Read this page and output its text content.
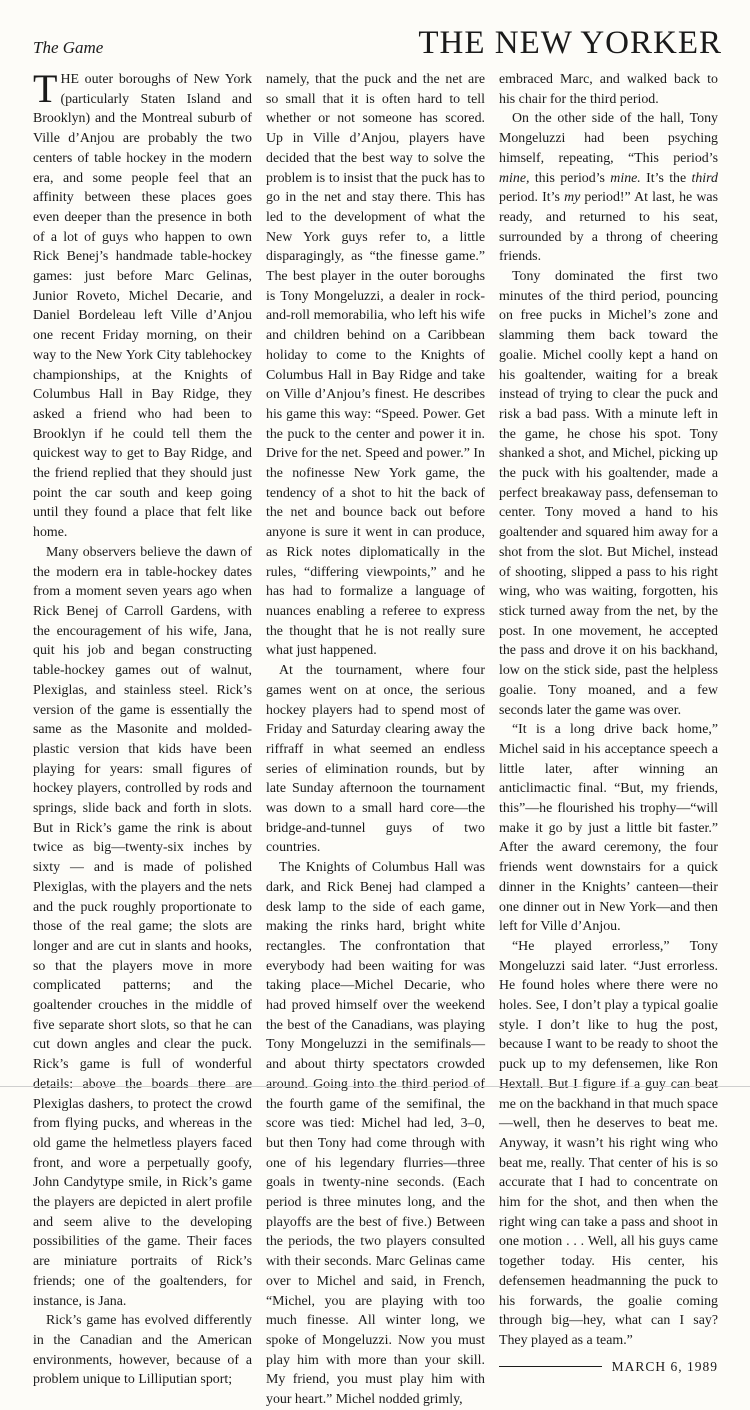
The Game	THE NEW YORKER

THE outer boroughs of New York (particularly Staten Island and Brooklyn) and the Montreal suburb of Ville d’Anjou are probably the two centers of table hockey in the modern era, and some people feel that an affinity between these places goes even deeper than the presence in both of a lot of guys who happen to own Rick Benej’s handmade table-hockey games: just before Marc Gelinas, Junior Roveto, Michel Decarie, and Daniel Bordeleau left Ville d’Anjou one recent Friday morning, on their way to the New York City tablehockey championships, at the Knights of Columbus Hall in Bay Ridge, they asked a friend who had been to Brooklyn if he could tell them the quickest way to get to Bay Ridge, and the friend replied that they should just point the car south and keep going until they found a place that felt like home.

Many observers believe the dawn of the modern era in table-hockey dates from a moment seven years ago when Rick Benej of Carroll Gardens, with the encouragement of his wife, Jana, quit his job and began constructing table-hockey games out of walnut, Plexiglas, and stainless steel. Rick’s version of the game is essentially the same as the Masonite and molded-plastic version that kids have been playing for years: small figures of hockey players, controlled by rods and springs, slide back and forth in slots. But in Rick’s game the rink is about twice as big—twenty-six inches by sixty — and is made of polished Plexiglas, with the players and the nets and the puck roughly proportionate to those of the real game; the slots are longer and are cut in slants and hooks, so that the players move in more complicated patterns; and the goaltender crouches in the middle of five separate short slots, so that he can cut down angles and clear the puck. Rick’s game is full of wonderful details: above the boards there are Plexiglas dashers, to protect the crowd from flying pucks, and whereas in the old game the helmetless players faced front, and wore a perpetually goofy, John Candytype smile, in Rick’s game the players are depicted in alert profile and seem alive to the developing possibilities of the game. Their faces are miniature portraits of Rick’s friends; one of the goaltenders, for instance, is Jana.

Rick’s game has evolved differently in the Canadian and the American environments, however, because of a problem unique to Lilliputian sport;

namely, that the puck and the net are so small that it is often hard to tell whether or not someone has scored. Up in Ville d’Anjou, players have decided that the best way to solve the problem is to insist that the puck has to go in the net and stay there. This has led to the development of what the New York guys refer to, a little disparagingly, as “the finesse game.” The best player in the outer boroughs is Tony Mongeluzzi, a dealer in rock-and-roll memorabilia, who left his wife and children behind on a Caribbean holiday to come to the Knights of Columbus Hall in Bay Ridge and take on Ville d’Anjou’s finest. He describes his game this way: “Speed. Power. Get the puck to the center and power it in. Drive for the net. Speed and power.” In the nofinesse New York game, the tendency of a shot to hit the back of the net and bounce back out before anyone is sure it went in can produce, as Rick notes diplomatically in the rules, “differing viewpoints,” and he has had to formalize a language of nuances enabling a referee to express the thought that he is not really sure what just happened.

At the tournament, where four games went on at once, the serious hockey players had to spend most of Friday and Saturday clearing away the riffraff in what seemed an endless series of elimination rounds, but by late Sunday afternoon the tournament was down to a small hard core—the bridge-and-tunnel guys of two countries.

The Knights of Columbus Hall was dark, and Rick Benej had clamped a desk lamp to the side of each game, making the rinks hard, bright white rectangles. The confrontation that everybody had been waiting for was taking place—Michel Decarie, who had proved himself over the weekend the best of the Canadians, was playing Tony Mongeluzzi in the semifinals—and about thirty spectators crowded around. Going into the third period of the fourth game of the semifinal, the score was tied: Michel had led, 3–0, but then Tony had come through with one of his legendary flurries—three goals in twenty-nine seconds. (Each period is three minutes long, and the playoffs are the best of five.) Between the periods, the two players consulted with their seconds. Marc Gelinas came over to Michel and said, in French, “Michel, you are playing with too much finesse. All winter long, we spoke of Mongeluzzi. Now you must play him with more than your skill. My friend, you must play him with your heart.” Michel nodded grimly,

embraced Marc, and walked back to his chair for the third period.

On the other side of the hall, Tony Mongeluzzi had been psyching himself, repeating, “This period’s mine, this period’s mine. It’s the third period. It’s my period!” At last, he was ready, and returned to his seat, surrounded by a throng of cheering friends.

Tony dominated the first two minutes of the third period, pouncing on free pucks in Michel’s zone and slamming them back toward the goalie. Michel coolly kept a hand on his goaltender, waiting for a break instead of trying to clear the puck and risk a bad pass. With a minute left in the game, he chose his spot. Tony shanked a shot, and Michel, picking up the puck with his goaltender, made a perfect breakaway pass, defenseman to center. Tony moved a hand to his goaltender and squared him away for a shot from the slot. But Michel, instead of shooting, slipped a pass to his right wing, who was waiting, forgotten, his stick turned away from the net, by the post. In one movement, he accepted the pass and drove it on his backhand, low on the stick side, past the helpless goalie. Tony moaned, and a few seconds later the game was over.

“It is a long drive back home,” Michel said in his acceptance speech a little later, after winning an anticlimactic final. “But, my friends, this”—he flourished his trophy—“will make it go by just a little bit faster.” After the award ceremony, the four friends went downstairs for a quick dinner in the Knights’ canteen—their one dinner out in New York—and then left for Ville d’Anjou.

“He played errorless,” Tony Mongeluzzi said later. “Just errorless. He found holes where there were no holes. See, I don’t play a typical goalie style. I don’t like to hug the post, because I want to be ready to shoot the puck up to my defensemen, like Ron Hextall. But I figure if a guy can beat me on the backhand in that much space—well, then he deserves to beat me. Anyway, it wasn’t his right wing who beat me, really. That center of his is so accurate that I had to concentrate on him for the shot, and then when the right wing can take a pass and shoot in one motion . . . Well, all his guys came together today. His center, his defensemen headmanning the puck to his forwards, the goalie coming through big—hey, what can I say? They played as a team.”

MARCH 6, 1989
